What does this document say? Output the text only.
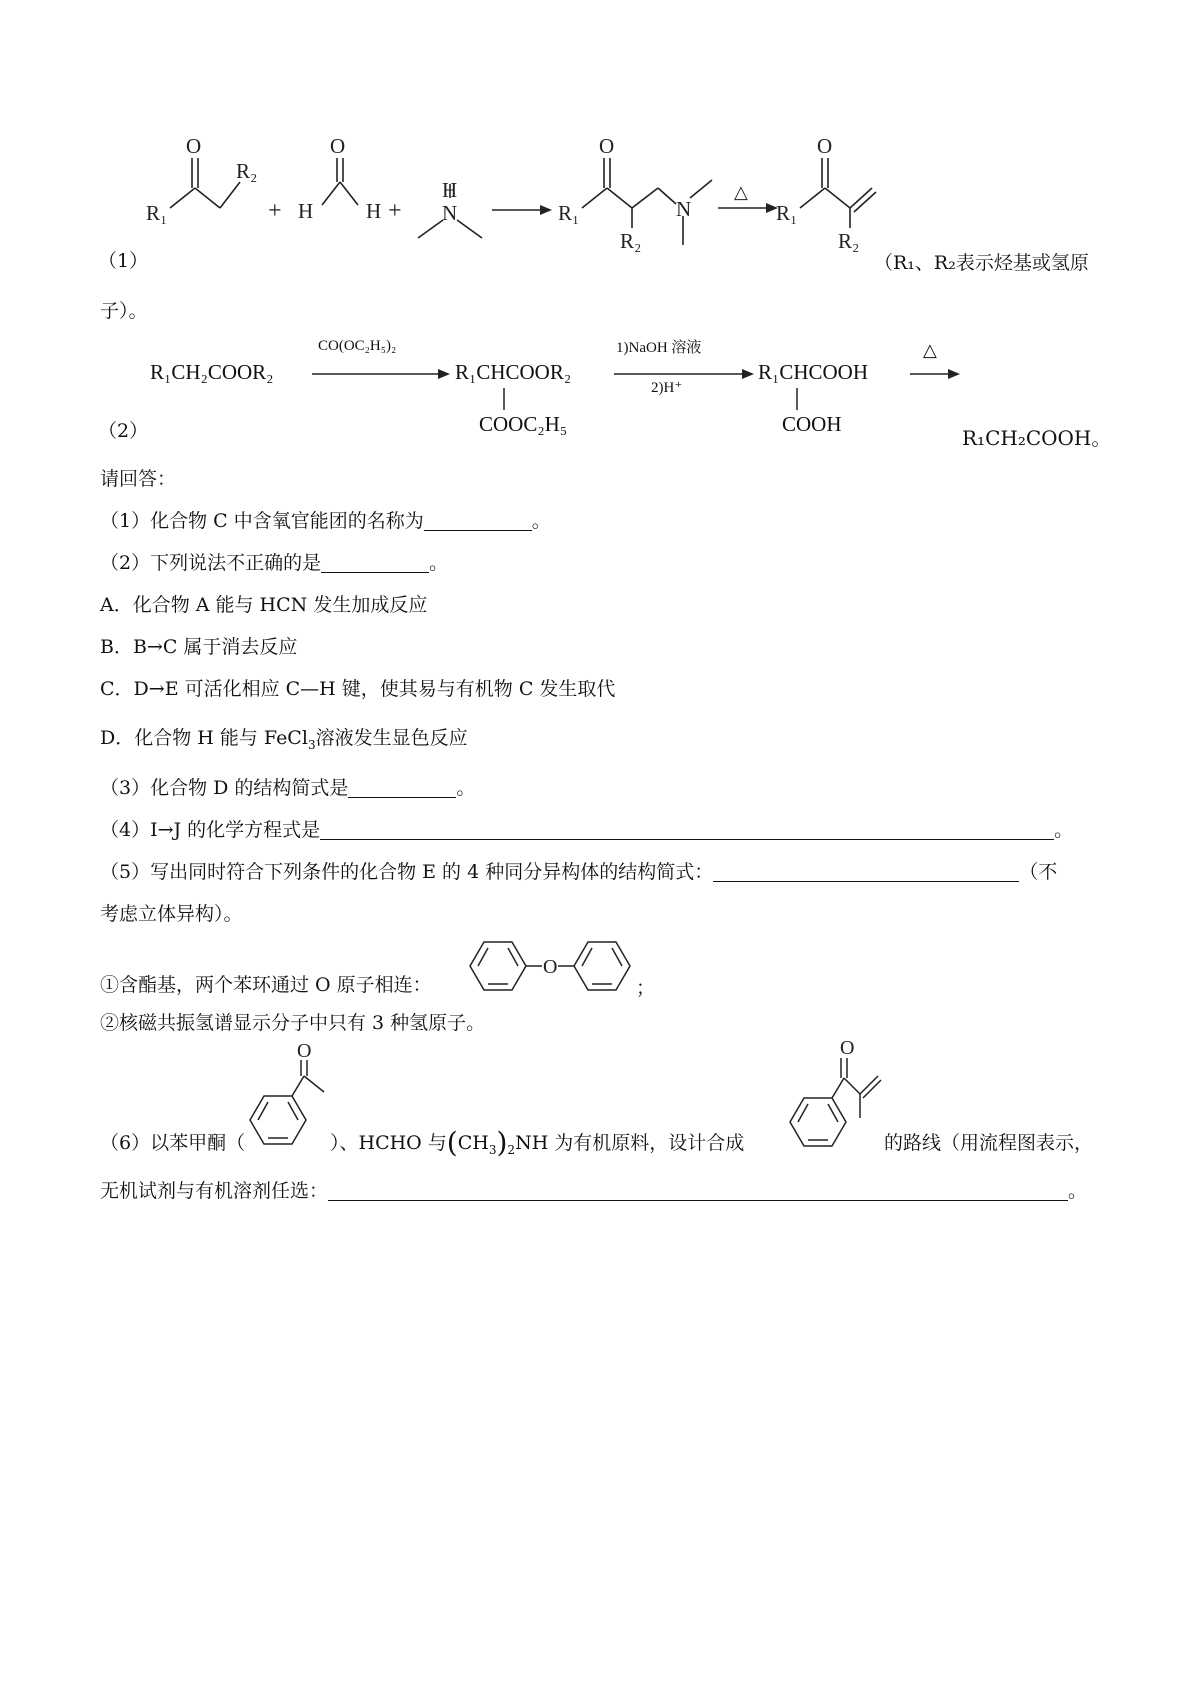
（1）
O
R₂
R₁	+
O
H	H +
H
N
O
R₁
R₂
N
△
O
R₁
R₂
（R₁、R₂表示烃基或氢原
子）。
（2）
R₁CH₂COOR₂
CO(OC₂H₅)₂
R₁CHCOOR₂
COOC₂H₅
1)NaOH 溶液
2)H⁺
R₁CHCOOH
COOH
△
R₁CH₂COOH。
请回答：
（1）化合物 C 中含氧官能团的名称为	。
（2）下列说法不正确的是	。
A．化合物 A 能与 HCN 发生加成反应
B．B→C 属于消去反应
C．D→E 可活化相应 C—H 键，使其易与有机物 C 发生取代
D．化合物 H 能与 FeCl$_3$溶液发生显色反应
（3）化合物 D 的结构简式是	。
（4）I→J 的化学方程式是	。
（5）写出同时符合下列条件的化合物 E 的 4 种同分异构体的结构简式：	（不
考虑立体异构）。
①含酯基，两个苯环通过 O 原子相连：
O
；
②核磁共振氢谱显示分子中只有 3 种氢原子。
（6）以苯甲酮（
O
）、HCHO 与$(CH_3)_2NH$ 为有机原料，设计合成
O
的路线（用流程图表示，
无机试剂与有机溶剂任选：	。
